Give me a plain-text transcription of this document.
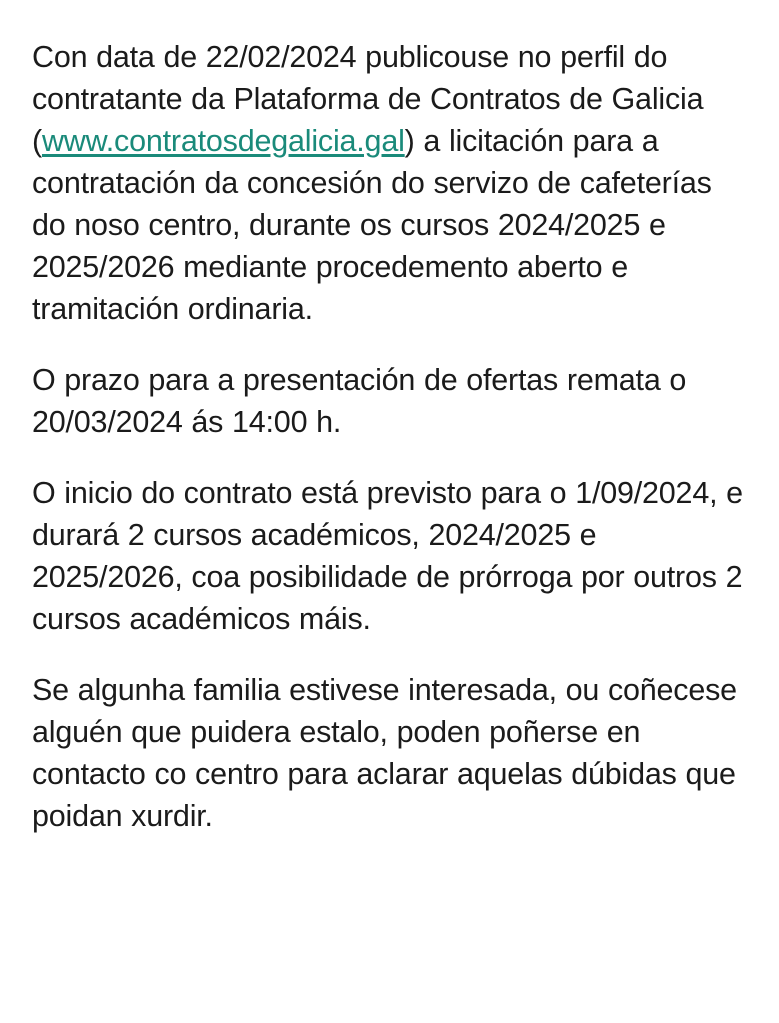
Con data de 22/02/2024 publicouse no perfil do contratante da Plataforma de Contratos de Galicia (www.contratosdegalicia.gal) a licitación para a contratación da concesión do servizo de cafeterías do noso centro, durante os cursos 2024/2025 e 2025/2026 mediante procedemento aberto e tramitación ordinaria.

O prazo para a presentación de ofertas remata o 20/03/2024 ás 14:00 h.

O inicio do contrato está previsto para o 1/09/2024, e durará 2 cursos académicos, 2024/2025 e 2025/2026, coa posibilidade de prórroga por outros 2 cursos académicos máis.

Se algunha familia estivese interesada, ou coñecese alguén que puidera estalo, poden poñerse en contacto co centro para aclarar aquelas dúbidas que poidan xurdir.
